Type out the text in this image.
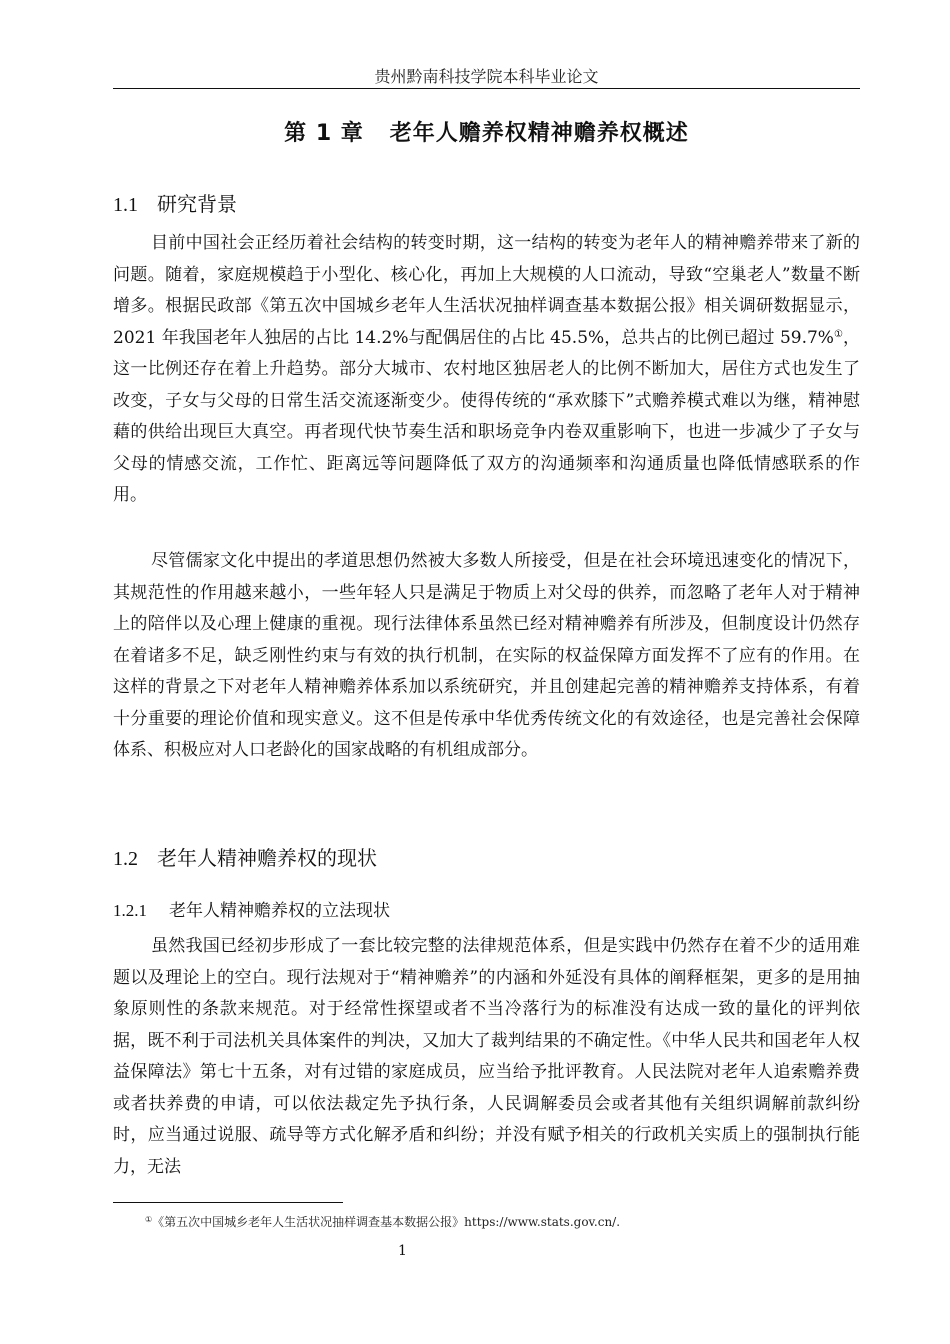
贵州黔南科技学院本科毕业论文
第 1 章 老年人赡养权精神赡养权概述
1.1 研究背景

目前中国社会正经历着社会结构的转变时期，这一结构的转变为老年人的精神赡养带来了新的问题。随着，家庭规模趋于小型化、核心化，再加上大规模的人口流动，导致“空巢老人”数量不断增多。根据民政部《第五次中国城乡老年人生活状况抽样调查基本数据公报》相关调研数据显示，2021 年我国老年人独居的占比 14.2%与配偶居住的占比 45.5%，总共占的比例已超过 59.7%①，这一比例还存在着上升趋势。部分大城市、农村地区独居老人的比例不断加大，居住方式也发生了改变，子女与父母的日常生活交流逐渐变少。使得传统的“承欢膝下”式赡养模式难以为继，精神慰藉的供给出现巨大真空。再者现代快节奏生活和职场竞争内卷双重影响下，也进一步减少了子女与父母的情感交流，工作忙、距离远等问题降低了双方的沟通频率和沟通质量也降低情感联系的作用。

尽管儒家文化中提出的孝道思想仍然被大多数人所接受，但是在社会环境迅速变化的情况下，其规范性的作用越来越小，一些年轻人只是满足于物质上对父母的供养，而忽略了老年人对于精神上的陪伴以及心理上健康的重视。现行法律体系虽然已经对精神赡养有所涉及，但制度设计仍然存在着诸多不足，缺乏刚性约束与有效的执行机制，在实际的权益保障方面发挥不了应有的作用。在这样的背景之下对老年人精神赡养体系加以系统研究，并且创建起完善的精神赡养支持体系，有着十分重要的理论价值和现实意义。这不但是传承中华优秀传统文化的有效途径，也是完善社会保障体系、积极应对人口老龄化的国家战略的有机组成部分。

1.2 老年人精神赡养权的现状
1.2.1 老年人精神赡养权的立法现状

虽然我国已经初步形成了一套比较完整的法律规范体系，但是实践中仍然存在着不少的适用难题以及理论上的空白。现行法规对于“精神赡养”的内涵和外延没有具体的阐释框架，更多的是用抽象原则性的条款来规范。对于经常性探望或者不当冷落行为的标准没有达成一致的量化的评判依据，既不利于司法机关具体案件的判决，又加大了裁判结果的不确定性。《中华人民共和国老年人权益保障法》第七十五条，对有过错的家庭成员，应当给予批评教育。人民法院对老年人追索赡养费或者扶养费的申请，可以依法裁定先予执行条，人民调解委员会或者其他有关组织调解前款纠纷时，应当通过说服、疏导等方式化解矛盾和纠纷；并没有赋予相关的行政机关实质上的强制执行能力，无法

①《第五次中国城乡老年人生活状况抽样调查基本数据公报》https://www.stats.gov.cn/.
1
